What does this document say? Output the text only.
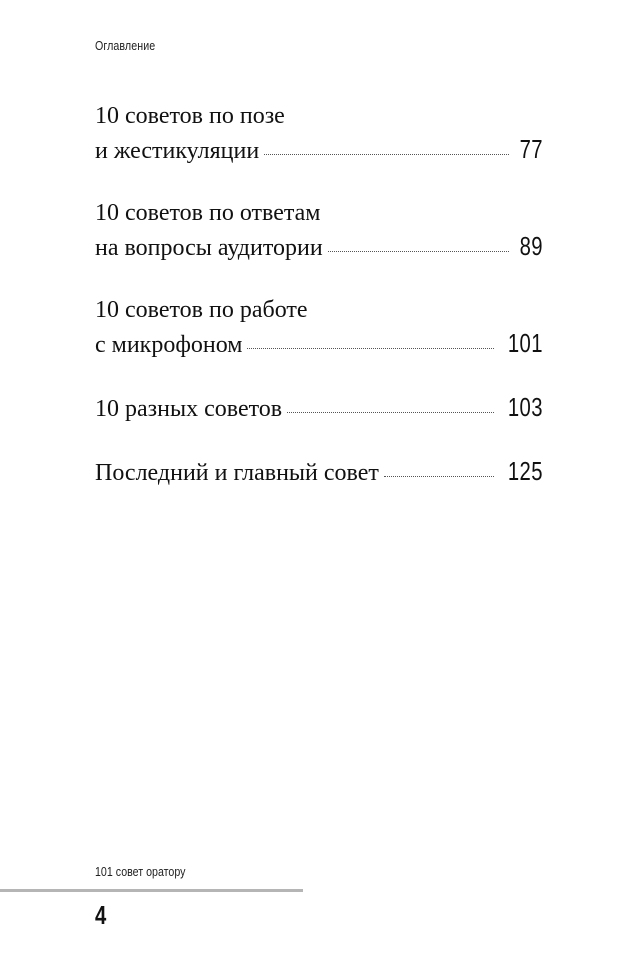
Оглавление
10 советов по позе
и жестикуляции	77
10 советов по ответам
на вопросы аудитории	89
10 советов по работе
с микрофоном	101
10 разных советов	103
Последний и главный совет	125
101 совет оратору
4
